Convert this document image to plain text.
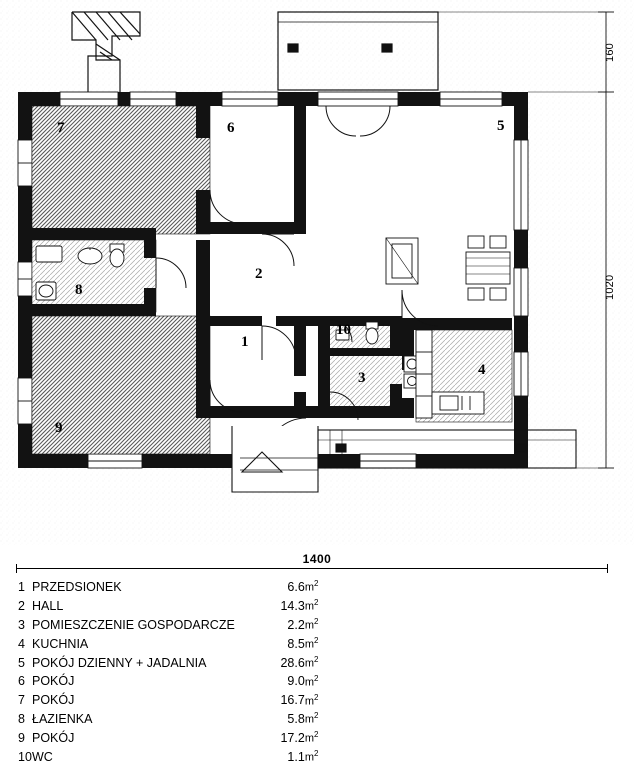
7	6	5
8
2
1
10
3	4
9
160
1020
1400
1	PRZEDSIONEK	6.6	$m^2$
2	HALL	14.3	$m^2$
3	POMIESZCZENIE GOSPODARCZE	2.2	$m^2$
4	KUCHNIA	8.5	$m^2$
5	POKÓJ DZIENNY + JADALNIA	28.6	$m^2$
6	POKÓJ	9.0	$m^2$
7	POKÓJ	16.7	$m^2$
8	ŁAZIENKA	5.8	$m^2$
9	POKÓJ	17.2	$m^2$
10	WC	1.1	$m^2$
